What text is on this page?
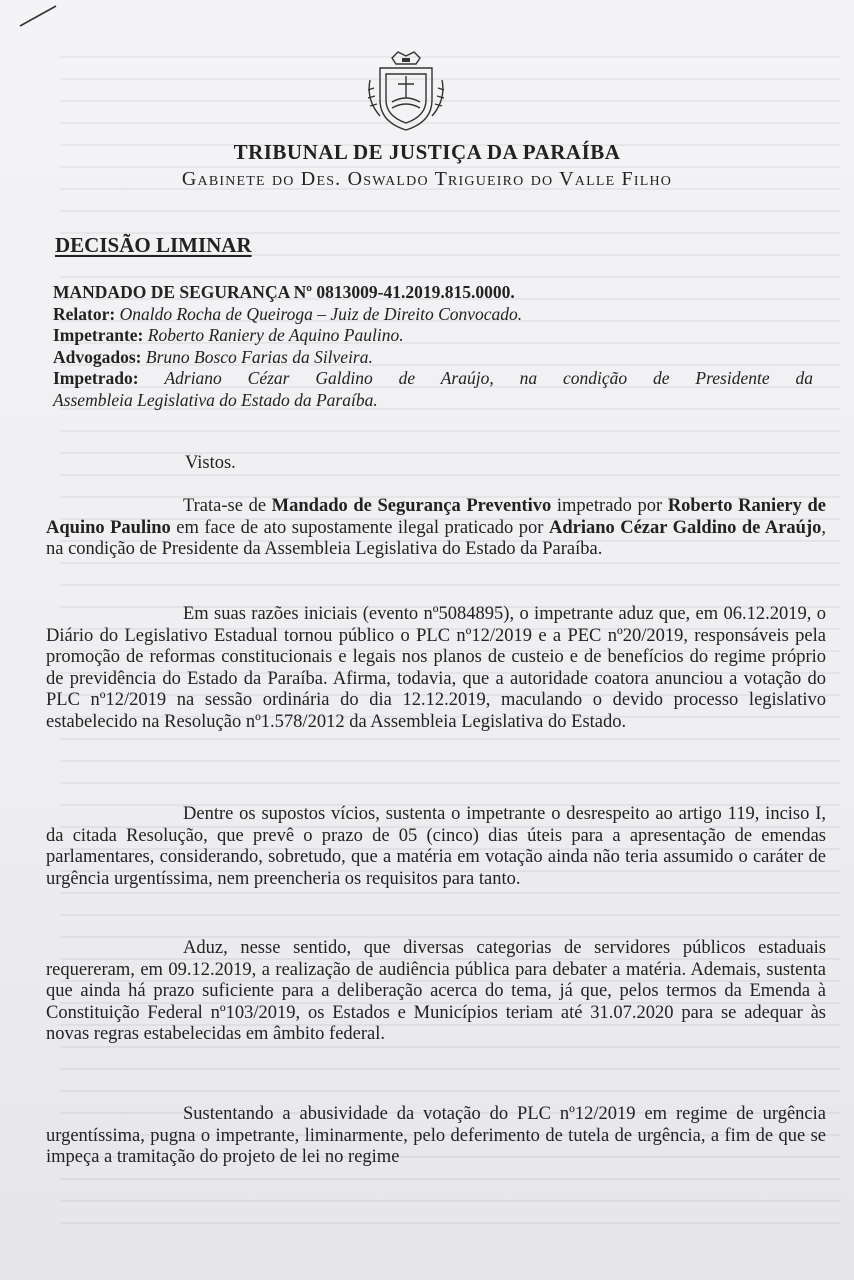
TRIBUNAL DE JUSTIÇA DA PARAÍBA
Gabinete do Des. Oswaldo Trigueiro do Valle Filho
DECISÃO LIMINAR
MANDADO DE SEGURANÇA Nº 0813009-41.2019.815.0000.
Relator: Onaldo Rocha de Queiroga – Juiz de Direito Convocado.
Impetrante: Roberto Raniery de Aquino Paulino.
Advogados: Bruno Bosco Farias da Silveira.
Impetrado: Adriano Cézar Galdino de Araújo, na condição de Presidente da
Assembleia Legislativa do Estado da Paraíba.
Vistos.

Trata-se de Mandado de Segurança Preventivo impetrado por Roberto Raniery de Aquino Paulino em face de ato supostamente ilegal praticado por Adriano Cézar Galdino de Araújo, na condição de Presidente da Assembleia Legislativa do Estado da Paraíba.

Em suas razões iniciais (evento nº5084895), o impetrante aduz que, em 06.12.2019, o Diário do Legislativo Estadual tornou público o PLC nº12/2019 e a PEC nº20/2019, responsáveis pela promoção de reformas constitucionais e legais nos planos de custeio e de benefícios do regime próprio de previdência do Estado da Paraíba. Afirma, todavia, que a autoridade coatora anunciou a votação do PLC nº12/2019 na sessão ordinária do dia 12.12.2019, maculando o devido processo legislativo estabelecido na Resolução nº1.578/2012 da Assembleia Legislativa do Estado.

Dentre os supostos vícios, sustenta o impetrante o desrespeito ao artigo 119, inciso I, da citada Resolução, que prevê o prazo de 05 (cinco) dias úteis para a apresentação de emendas parlamentares, considerando, sobretudo, que a matéria em votação ainda não teria assumido o caráter de urgência urgentíssima, nem preencheria os requisitos para tanto.

Aduz, nesse sentido, que diversas categorias de servidores públicos estaduais requereram, em 09.12.2019, a realização de audiência pública para debater a matéria. Ademais, sustenta que ainda há prazo suficiente para a deliberação acerca do tema, já que, pelos termos da Emenda à Constituição Federal nº103/2019, os Estados e Municípios teriam até 31.07.2020 para se adequar às novas regras estabelecidas em âmbito federal.

Sustentando a abusividade da votação do PLC nº12/2019 em regime de urgência urgentíssima, pugna o impetrante, liminarmente, pelo deferimento de tutela de urgência, a fim de que se impeça a tramitação do projeto de lei no regime
